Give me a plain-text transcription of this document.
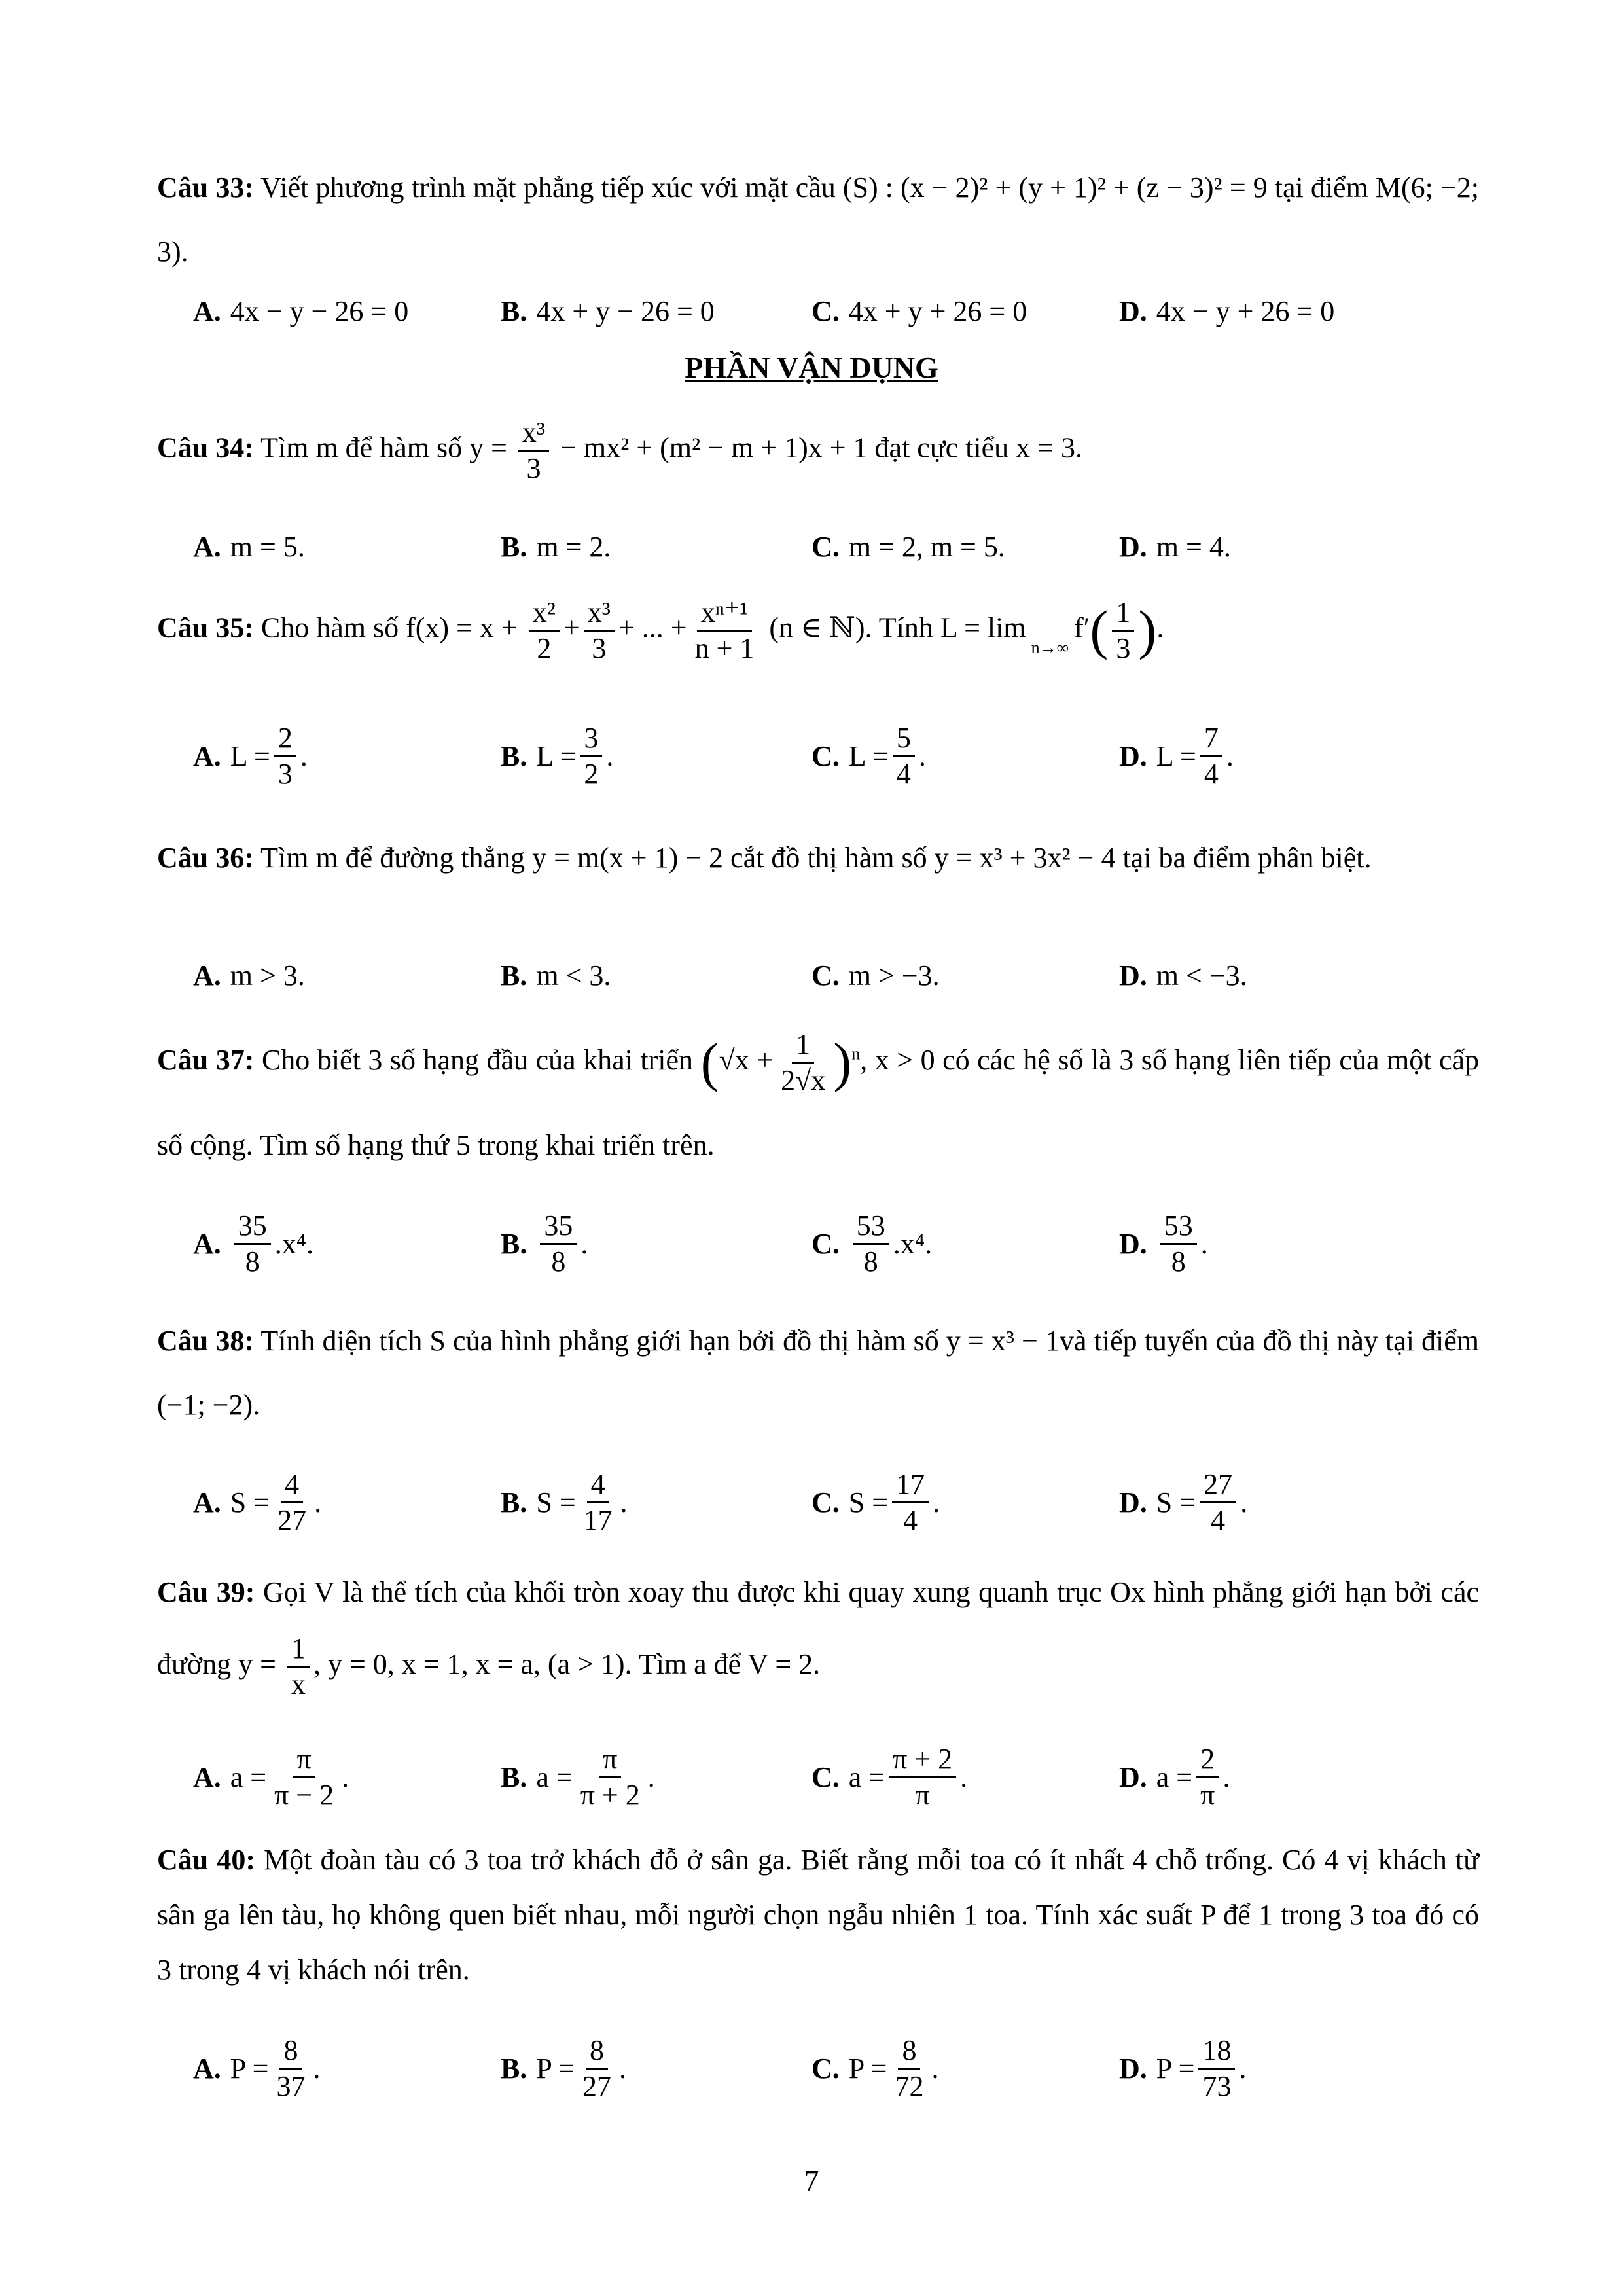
Câu 33: Viết phương trình mặt phẳng tiếp xúc với mặt cầu (S) : (x − 2)² + (y + 1)² + (z − 3)² = 9 tại điểm M(6; −2; 3).

A. 4x − y − 26 = 0	B. 4x + y − 26 = 0	C. 4x + y + 26 = 0	D. 4x − y + 26 = 0
PHẦN VẬN DỤNG

Câu 34: Tìm m để hàm số $y = \frac{\text{x³}}{3} - mx^2 + (m^2 - m + 1)x + 1$ đạt cực tiểu x = 3.

A. m = 5.	B. m = 2.	C. m = 2, m = 5.	D. m = 4.

Câu 35: Cho hàm số $f(x) = x + \frac{\text{x²}}{2} + \frac{\text{x³}}{3}$ + ... + $\frac{\text{xⁿ⁺¹}}{n + 1} (n$ ∈ ℕ). Tính L = lim
n→∞
$f'( \frac{1}{3}$ ).

A. $L = \frac{2}{3}$ .	B. $L = \frac{3}{2}$ .	C. $L = \frac{5}{4}$ .	D. $L = \frac{7}{4}$ .

Câu 36: Tìm m để đường thẳng y = m(x + 1) − 2 cắt đồ thị hàm số y = x³ + 3x² − 4 tại ba điểm phân biệt.

A. m > 3.	B. m < 3.	C. m > −3.	D. m < −3.

Câu 37: Cho biết 3 số hạng đầu của khai triển $(√x + \frac{1}{2√x} )^n$, x > 0 có các hệ số là 3 số hạng liên tiếp của một cấp số cộng. Tìm số hạng thứ 5 trong khai triển trên.

A.
35
8
.x⁴.	B.
35
8
.	C.
53
8
.x⁴.	D.
53
8
.

Câu 38: Tính diện tích S của hình phẳng giới hạn bởi đồ thị hàm số y = x³ − 1và tiếp tuyến của đồ thị này tại điểm (−1; −2).

A. $S = \frac{4}{27}$ .	B. $S = \frac{4}{17}$ .	C. $S = \frac{17}{4}$ .	D. $S = \frac{27}{4}$ .

Câu 39: Gọi V là thể tích của khối tròn xoay thu được khi quay xung quanh trục Ox hình phẳng giới hạn bởi các đường $y = \frac{1}{x}$ , y = 0, x = 1, x = a, (a > 1). Tìm a để V = 2.

A. $a = \frac{\pi}{\pi - 2}$ .	B. $a = \frac{\pi}{\pi + 2}$ .	C. $a = \frac{\pi + 2}{\pi}$ .	D. $a = \frac{2}{\pi}$ .

Câu 40: Một đoàn tàu có 3 toa trở khách đỗ ở sân ga. Biết rằng mỗi toa có ít nhất 4 chỗ trống. Có 4 vị khách từ sân ga lên tàu, họ không quen biết nhau, mỗi người chọn ngẫu nhiên 1 toa. Tính xác suất P để 1 trong 3 toa đó có 3 trong 4 vị khách nói trên.

A. $P = \frac{8}{37}$ .	B. $P = \frac{8}{27}$ .	C. $P = \frac{8}{72}$ .	D. $P = \frac{18}{73}$ .
7
